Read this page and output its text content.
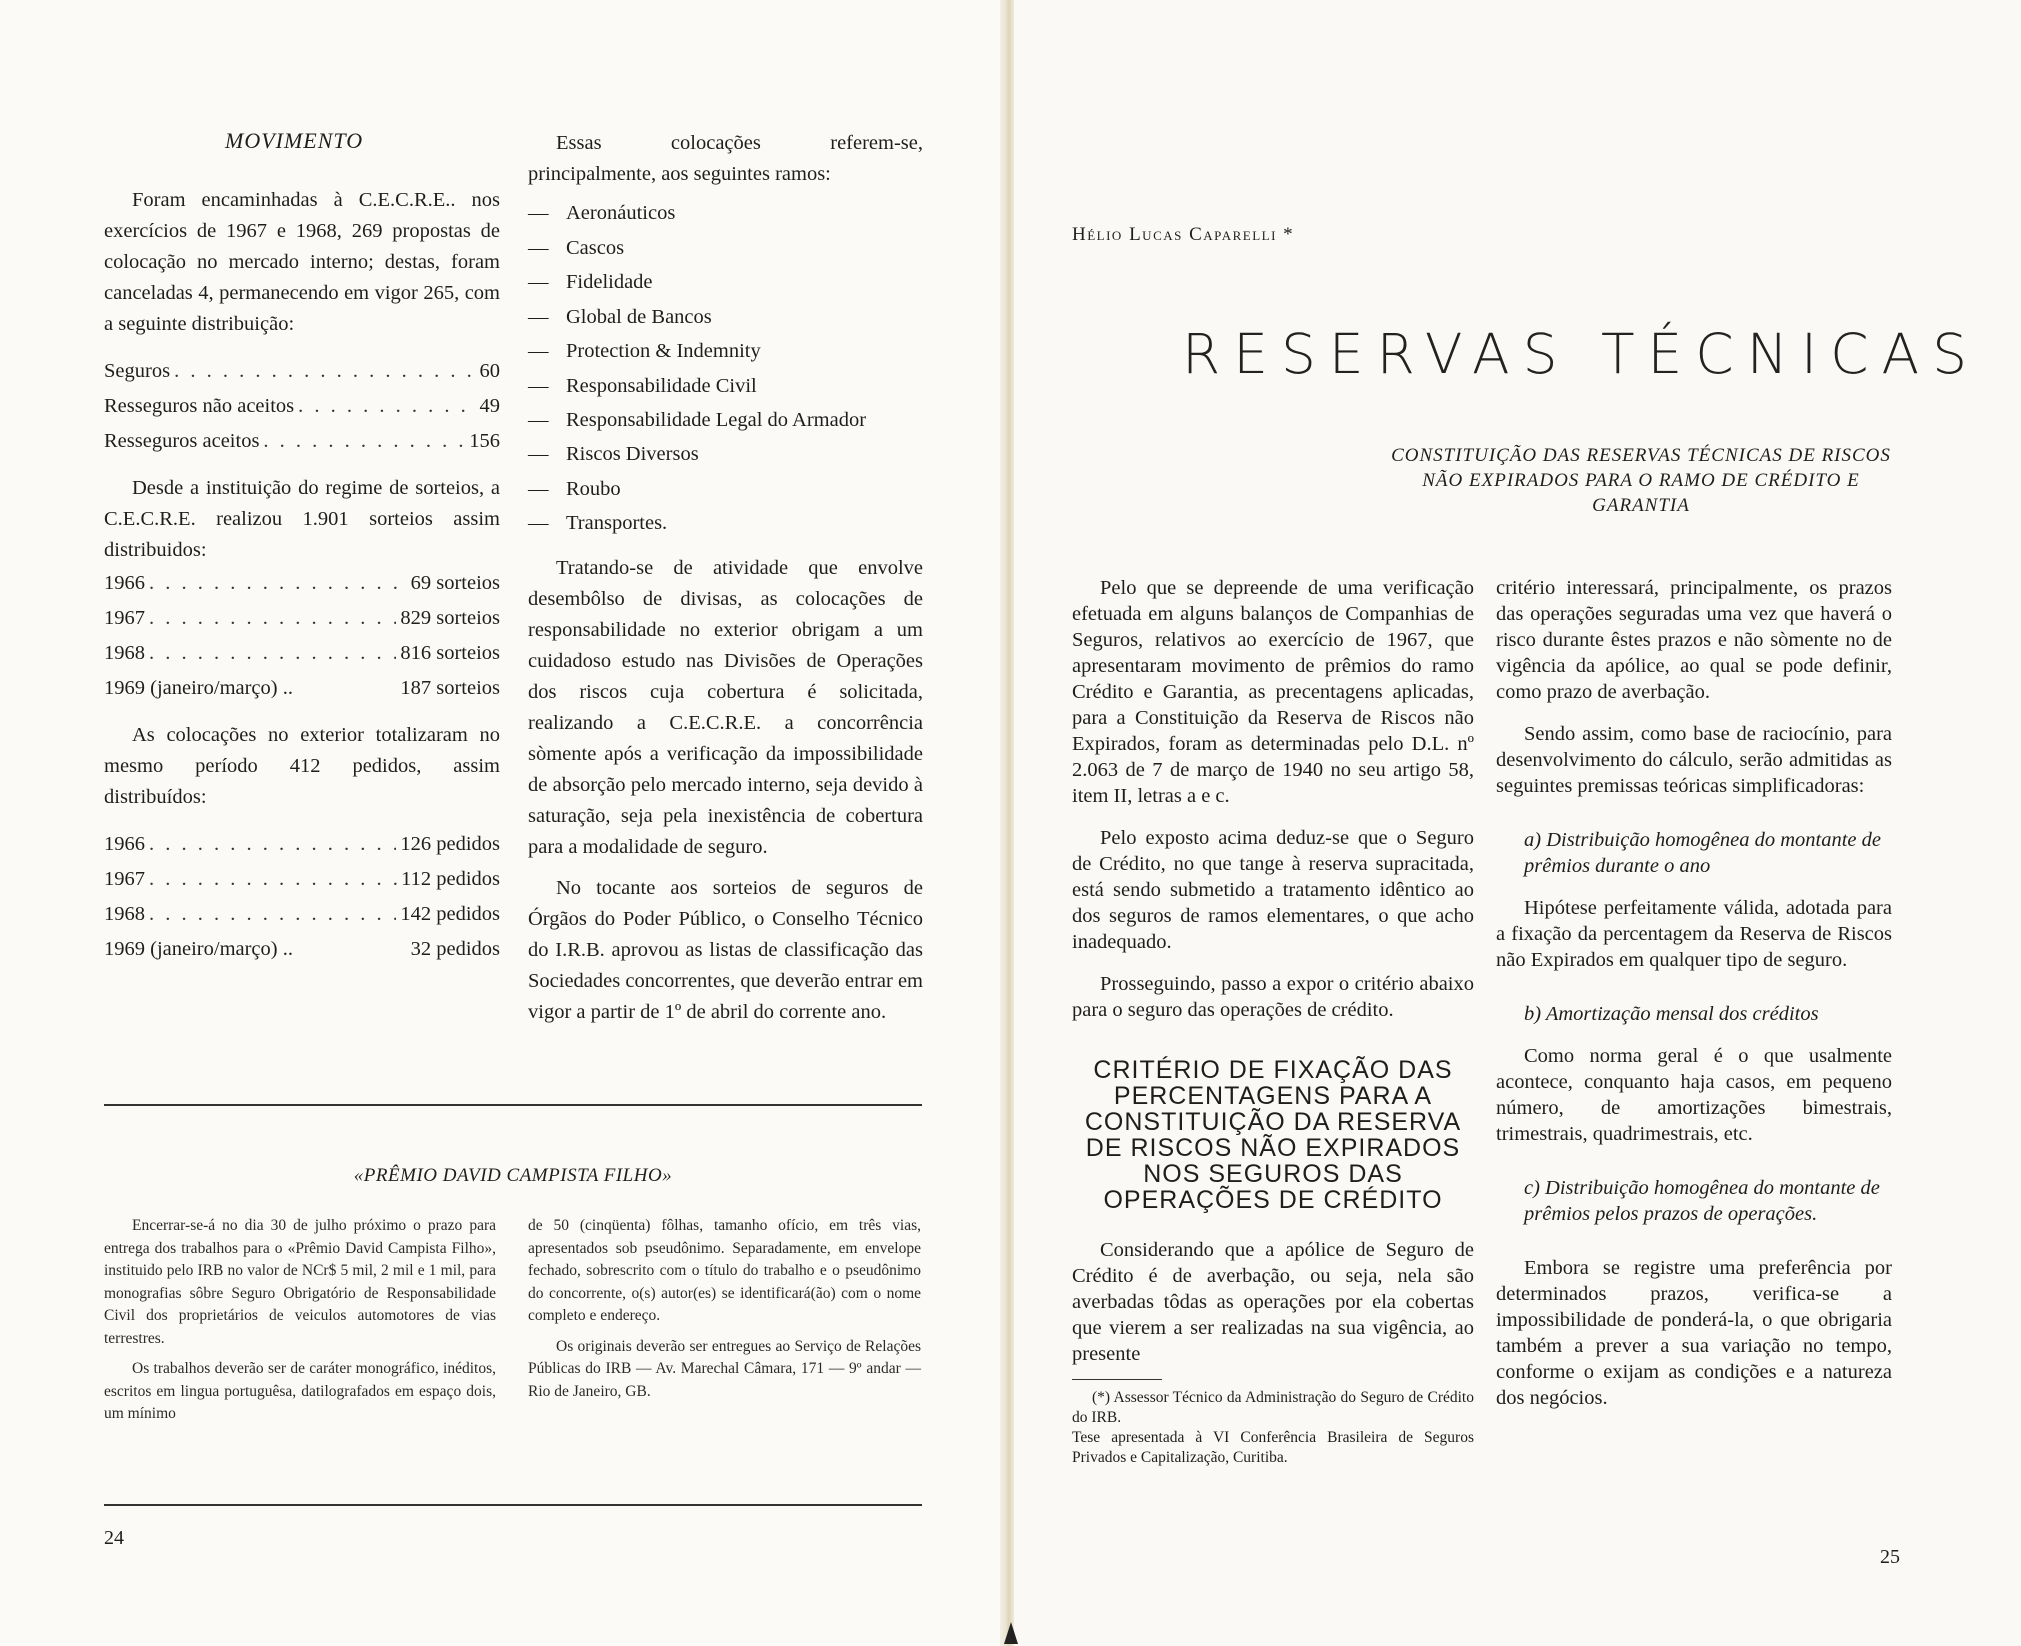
MOVIMENTO

Foram encaminhadas à C.E.C.R.E.. nos exercícios de 1967 e 1968, 269 propostas de colocação no mercado interno; destas, foram canceladas 4, permanecendo em vigor 265, com a seguinte distribuição:

Seguros . . .	60
Resseguros não aceitos . . .	49
Resseguros aceitos . . .	156

Desde a instituição do regime de sorteios, a C.E.C.R.E. realizou 1.901 sorteios assim distribuidos:

1966 . . .	69 sorteios
1967 . . .	829 sorteios
1968 . . .	816 sorteios
1969 (janeiro/março) ..	187 sorteios

As colocações no exterior totalizaram no mesmo período 412 pedidos, assim distribuídos:

1966 . . .	126 pedidos
1967 . . .	112 pedidos
1968 . . .	142 pedidos
1969 (janeiro/março) ..	32 pedidos

Essas colocações referem-se, principalmente, aos seguintes ramos:

— Aeronáuticos
— Cascos
— Fidelidade
— Global de Bancos
— Protection & Indemnity
— Responsabilidade Civil
— Responsabilidade Legal do Armador
— Riscos Diversos
— Roubo
— Transportes.

Tratando-se de atividade que envolve desembôlso de divisas, as colocações de responsabilidade no exterior obrigam a um cuidadoso estudo nas Divisões de Operações dos riscos cuja cobertura é solicitada, realizando a C.E.C.R.E. a concorrência sòmente após a verificação da impossibilidade de absorção pelo mercado interno, seja devido à saturação, seja pela inexistência de cobertura para a modalidade de seguro.

No tocante aos sorteios de seguros de Órgãos do Poder Público, o Conselho Técnico do I.R.B. aprovou as listas de classificação das Sociedades concorrentes, que deverão entrar em vigor a partir de 1º de abril do corrente ano.

«PRÊMIO DAVID CAMPISTA FILHO»

Encerrar-se-á no dia 30 de julho próximo o prazo para entrega dos trabalhos para o «Prêmio David Campista Filho», instituido pelo IRB no valor de NCr$ 5 mil, 2 mil e 1 mil, para monografias sôbre Seguro Obrigatório de Responsabilidade Civil dos proprietários de veiculos automotores de vias terrestres.

Os trabalhos deverão ser de caráter monográfico, inéditos, escritos em lingua portuguêsa, datilografados em espaço dois, um mínimo

de 50 (cinqüenta) fôlhas, tamanho ofício, em três vias, apresentados sob pseudônimo. Separadamente, em envelope fechado, sobrescrito com o título do trabalho e o pseudônimo do concorrente, o(s) autor(es) se identificará(ão) com o nome completo e endereço.

Os originais deverão ser entregues ao Serviço de Relações Públicas do IRB — Av. Marechal Câmara, 171 — 9º andar — Rio de Janeiro, GB.

24
Hélio Lucas Caparelli *
RESERVAS TÉCNICAS
CONSTITUIÇÃO DAS RESERVAS TÉCNICAS DE RISCOS NÃO EXPIRADOS PARA O RAMO DE CRÉDITO E GARANTIA

Pelo que se depreende de uma verificação efetuada em alguns balanços de Companhias de Seguros, relativos ao exercício de 1967, que apresentaram movimento de prêmios do ramo Crédito e Garantia, as precentagens aplicadas, para a Constituição da Reserva de Riscos não Expirados, foram as determinadas pelo D.L. nº 2.063 de 7 de março de 1940 no seu artigo 58, item II, letras a e c.

Pelo exposto acima deduz-se que o Seguro de Crédito, no que tange à reserva supracitada, está sendo submetido a tratamento idêntico ao dos seguros de ramos elementares, o que acho inadequado.

Prosseguindo, passo a expor o critério abaixo para o seguro das operações de crédito.

CRITÉRIO DE FIXAÇÃO DAS PERCENTAGENS PARA A CONSTITUIÇÃO DA RESERVA DE RISCOS NÃO EXPIRADOS NOS SEGUROS DAS OPERAÇÕES DE CRÉDITO

Considerando que a apólice de Seguro de Crédito é de averbação, ou seja, nela são averbadas tôdas as operações por ela cobertas que vierem a ser realizadas na sua vigência, ao presente

(*) Assessor Técnico da Administração do Seguro de Crédito do IRB.

Tese apresentada à VI Conferência Brasileira de Seguros Privados e Capitalização, Curitiba.

critério interessará, principalmente, os prazos das operações seguradas uma vez que haverá o risco durante êstes prazos e não sòmente no de vigência da apólice, ao qual se pode definir, como prazo de averbação.

Sendo assim, como base de raciocínio, para desenvolvimento do cálculo, serão admitidas as seguintes premissas teóricas simplificadoras:

a) Distribuição homogênea do montante de prêmios durante o ano

Hipótese perfeitamente válida, adotada para a fixação da percentagem da Reserva de Riscos não Expirados em qualquer tipo de seguro.

b) Amortização mensal dos créditos

Como norma geral é o que usalmente acontece, conquanto haja casos, em pequeno número, de amortizações bimestrais, trimestrais, quadrimestrais, etc.

c) Distribuição homogênea do montante de prêmios pelos prazos de operações.

Embora se registre uma preferência por determinados prazos, verifica-se a impossibilidade de ponderá-la, o que obrigaria também a prever a sua variação no tempo, conforme o exijam as condições e a natureza dos negócios.

25
